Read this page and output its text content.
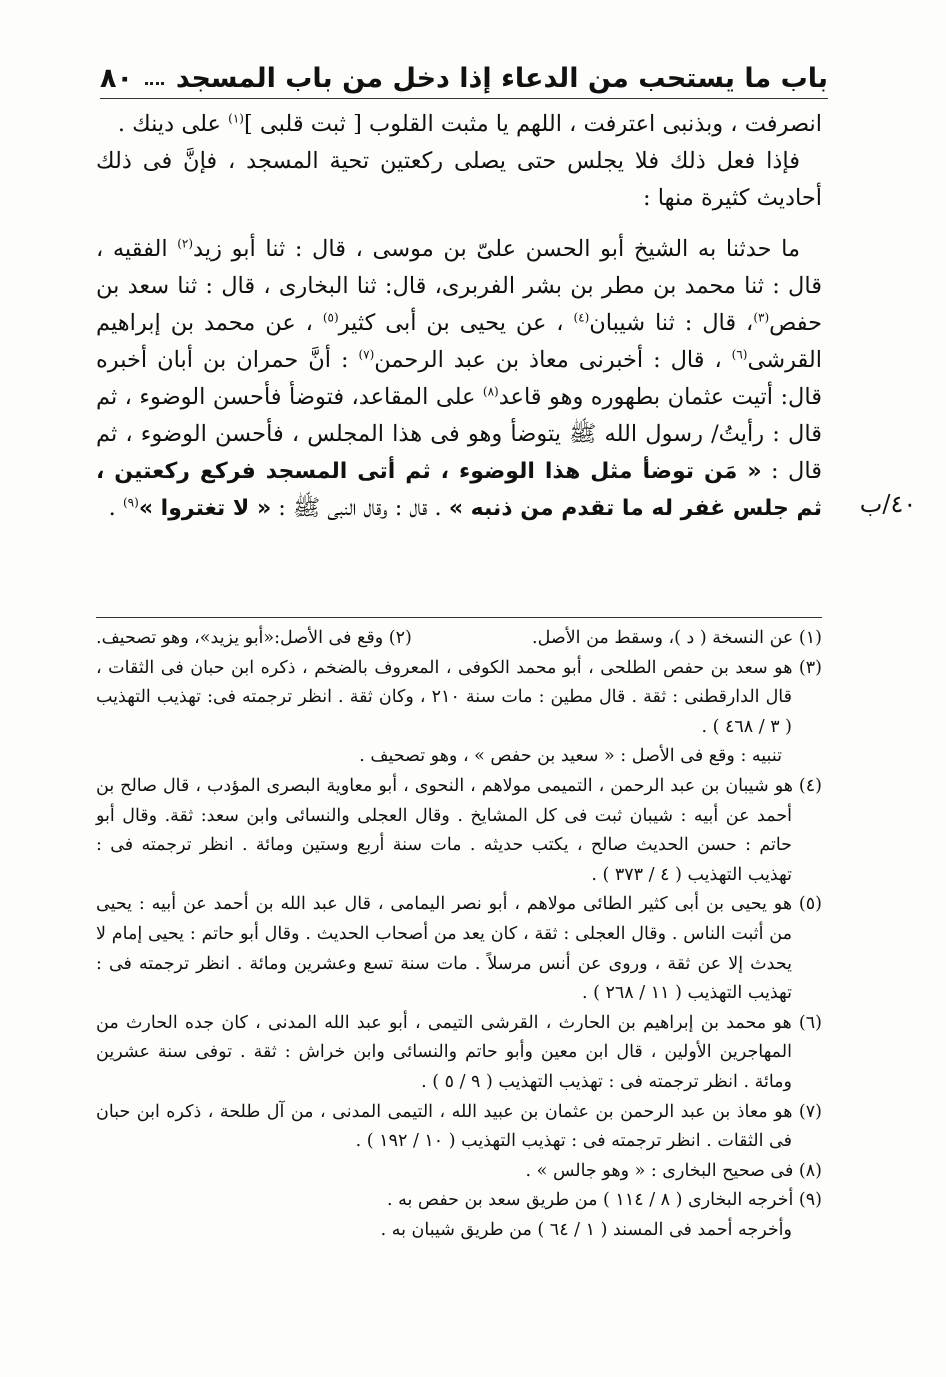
باب ما يستحب من الدعاء إذا دخل من باب المسجد
٨٠

انصرفت ، وبذنبى اعترفت ، اللهم يا مثبت القلوب [ ثبت قلبى ]$^{(١)}$ على دينك .

فإذا فعل ذلك فلا يجلس حتى يصلى ركعتين تحية المسجد ، فإنَّ فى ذلك أحاديث كثيرة منها :

ما حدثنا به الشيخ أبو الحسن علىّ بن موسى ، قال : ثنا أبو زيد$^{(٢)}$ الفقيه ، قال : ثنا محمد بن مطر بن بشر الفربرى، قال: ثنا البخارى ، قال : ثنا سعد بن حفص$^{(٣)}$، قال : ثنا شيبان$^{(٤)}$ ، عن يحيى بن أبى كثير$^{(٥)}$ ، عن محمد بن إبراهيم القرشى$^{(٦)}$ ، قال : أخبرنى معاذ بن عبد الرحمن$^{(٧)}$ : أنَّ حمران بن أبان أخبره قال: أتيت عثمان بطهوره وهو قاعد$^{(٨)}$ على المقاعد، فتوضأ فأحسن الوضوء ، ثم قال : رأيتُ/ رسول الله ﷺ يتوضأ وهو فى هذا المجلس ، فأحسن الوضوء ، ثم قال : « مَن توضأ مثل هذا الوضوء ، ثم أتى المسجد فركع ركعتين ، ثم جلس غفر له ما تقدم من ذنبه » . قال : وقال النبى ﷺ : « لا تغتروا »$^{(٩)}$ .	٤٠/ب
(١) عن النسخة ( د )، وسقط من الأصل.
(٢) وقع فى الأصل:«أبو يزيد»، وهو تصحيف.

(٣) هو سعد بن حفص الطلحى ، أبو محمد الكوفى ، المعروف بالضخم ، ذكره ابن حبان فى الثقات ، قال الدارقطنى : ثقة . قال مطين : مات سنة ٢١٠ ، وكان ثقة . انظر ترجمته فى: تهذيب التهذيب ( ٣ / ٤٦٨ ) .

تنبيه : وقع فى الأصل : « سعيد بن حفص » ، وهو تصحيف .

(٤) هو شيبان بن عبد الرحمن ، التميمى مولاهم ، النحوى ، أبو معاوية البصرى المؤدب ، قال صالح بن أحمد عن أبيه : شيبان ثبت فى كل المشايخ . وقال العجلى والنسائى وابن سعد: ثقة. وقال أبو حاتم : حسن الحديث صالح ، يكتب حديثه . مات سنة أربع وستين ومائة . انظر ترجمته فى : تهذيب التهذيب ( ٤ / ٣٧٣ ) .

(٥) هو يحيى بن أبى كثير الطائى مولاهم ، أبو نصر اليمامى ، قال عبد الله بن أحمد عن أبيه : يحيى من أثبت الناس . وقال العجلى : ثقة ، كان يعد من أصحاب الحديث . وقال أبو حاتم : يحيى إمام لا يحدث إلا عن ثقة ، وروى عن أنس مرسلاً . مات سنة تسع وعشرين ومائة . انظر ترجمته فى : تهذيب التهذيب ( ١١ / ٢٦٨ ) .

(٦) هو محمد بن إبراهيم بن الحارث ، القرشى التيمى ، أبو عبد الله المدنى ، كان جده الحارث من المهاجرين الأولين ، قال ابن معين وأبو حاتم والنسائى وابن خراش : ثقة . توفى سنة عشرين ومائة . انظر ترجمته فى : تهذيب التهذيب ( ٩ / ٥ ) .

(٧) هو معاذ بن عبد الرحمن بن عثمان بن عبيد الله ، التيمى المدنى ، من آل طلحة ، ذكره ابن حبان فى الثقات . انظر ترجمته فى : تهذيب التهذيب ( ١٠ / ١٩٢ ) .

(٨) فى صحيح البخارى : « وهو جالس » .

(٩) أخرجه البخارى ( ٨ / ١١٤ ) من طريق سعد بن حفص به .

وأخرجه أحمد فى المسند ( ١ / ٦٤ ) من طريق شيبان به .
